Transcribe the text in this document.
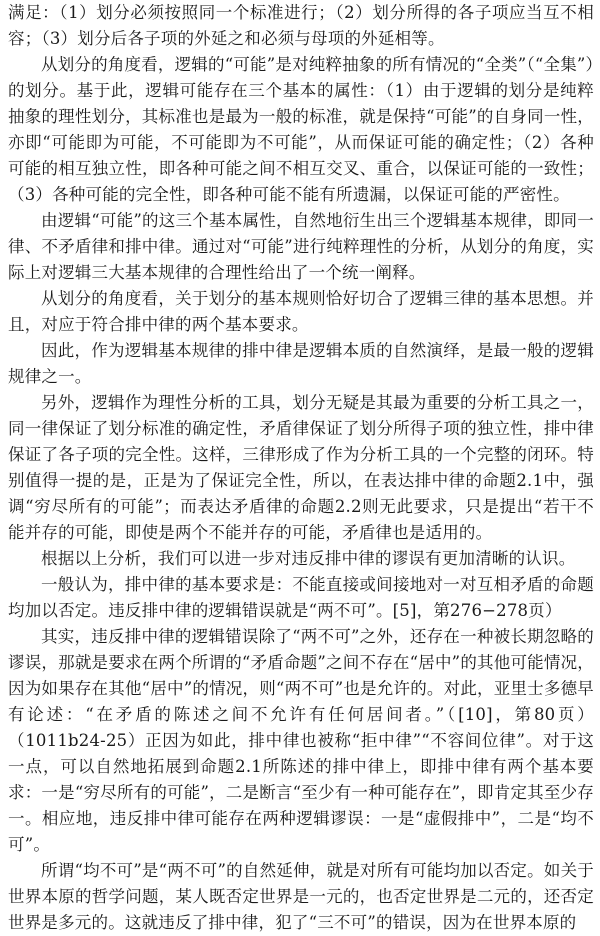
满足：（1）划分必须按照同一个标准进行；（2）划分所得的各子项应当互不相容；（3）划分后各子项的外延之和必须与母项的外延相等。

从划分的角度看，逻辑的“可能”是对纯粹抽象的所有情况的“全类”（“全集”）的划分。基于此，逻辑可能存在三个基本的属性：（1）由于逻辑的划分是纯粹抽象的理性划分，其标准也是最为一般的标准，就是保持“可能”的自身同一性，亦即“可能即为可能，不可能即为不可能”，从而保证可能的确定性；（2）各种可能的相互独立性，即各种可能之间不相互交叉、重合，以保证可能的一致性；（3）各种可能的完全性，即各种可能不能有所遗漏，以保证可能的严密性。

由逻辑“可能”的这三个基本属性，自然地衍生出三个逻辑基本规律，即同一律、不矛盾律和排中律。通过对“可能”进行纯粹理性的分析，从划分的角度，实际上对逻辑三大基本规律的合理性给出了一个统一阐释。

从划分的角度看，关于划分的基本规则恰好切合了逻辑三律的基本思想。并且，对应于符合排中律的两个基本要求。

因此，作为逻辑基本规律的排中律是逻辑本质的自然演绎，是最一般的逻辑规律之一。

另外，逻辑作为理性分析的工具，划分无疑是其最为重要的分析工具之一，同一律保证了划分标准的确定性，矛盾律保证了划分所得子项的独立性，排中律保证了各子项的完全性。这样，三律形成了作为分析工具的一个完整的闭环。特别值得一提的是，正是为了保证完全性，所以，在表达排中律的命题2.1中，强调“穷尽所有的可能”；而表达矛盾律的命题2.2则无此要求，只是提出“若干不能并存的可能，即使是两个不能并存的可能，矛盾律也是适用的。

根据以上分析，我们可以进一步对违反排中律的谬误有更加清晰的认识。

一般认为，排中律的基本要求是：不能直接或间接地对一对互相矛盾的命题均加以否定。违反排中律的逻辑错误就是“两不可”。[5]，第276−278页）

其实，违反排中律的逻辑错误除了“两不可”之外，还存在一种被长期忽略的谬误，那就是要求在两个所谓的“矛盾命题”之间不存在“居中”的其他可能情况，因为如果存在其他“居中”的情况，则“两不可”也是允许的。对此，亚里士多德早有论述：“在矛盾的陈述之间不允许有任何居间者。”（[10]，第80页）（1011b24-25）正因为如此，排中律也被称“拒中律”“不容间位律”。对于这一点，可以自然地拓展到命题2.1所陈述的排中律上，即排中律有两个基本要求：一是“穷尽所有的可能”，二是断言“至少有一种可能存在”，即肯定其至少存一。相应地，违反排中律可能存在两种逻辑谬误：一是“虚假排中”，二是“均不可”。

所谓“均不可”是“两不可”的自然延伸，就是对所有可能均加以否定。如关于世界本原的哲学问题，某人既否定世界是一元的，也否定世界是二元的，还否定世界是多元的。这就违反了排中律，犯了“三不可”的错误，因为在世界本原的
